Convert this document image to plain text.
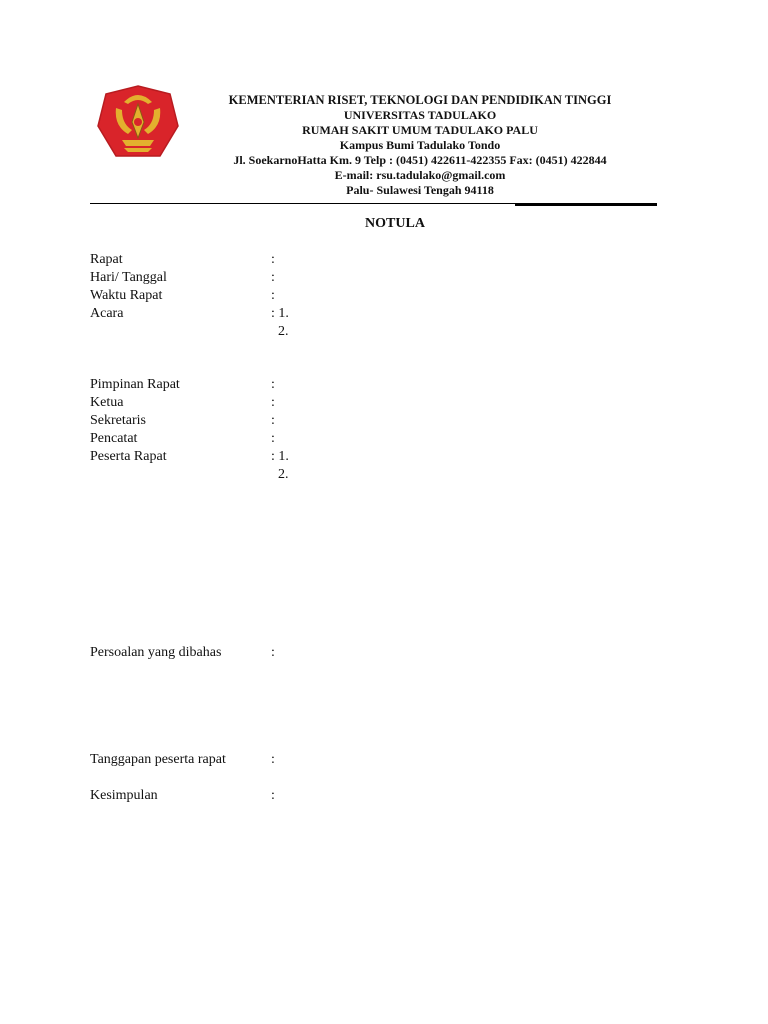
KEMENTERIAN RISET, TEKNOLOGI DAN PENDIDIKAN TINGGI
UNIVERSITAS TADULAKO
RUMAH SAKIT UMUM TADULAKO PALU
Kampus Bumi Tadulako Tondo
Jl. SoekarnoHatta Km. 9 Telp : (0451) 422611-422355 Fax: (0451) 422844
E-mail: rsu.tadulako@gmail.com
Palu- Sulawesi Tengah 94118
NOTULA
Rapat	:
Hari/ Tanggal	:
Waktu Rapat	:
Acara	: 1.
2.
Pimpinan Rapat	:
Ketua	:
Sekretaris	:
Pencatat	:
Peserta Rapat	: 1.
2.
Persoalan yang dibahas	:
Tanggapan peserta rapat	:
Kesimpulan	:
